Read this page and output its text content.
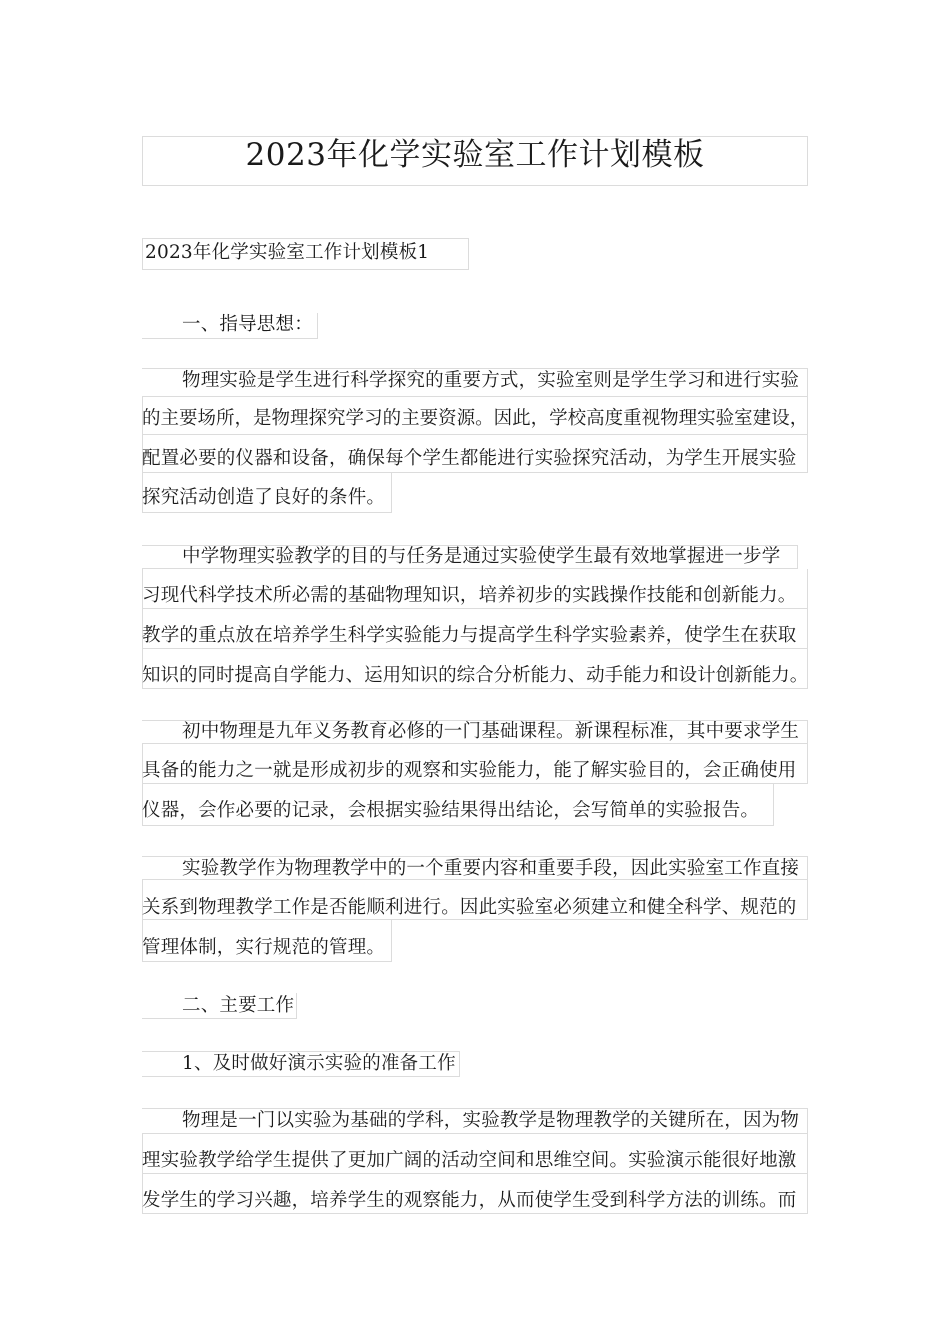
2023年化学实验室工作计划模板
2023年化学实验室工作计划模板1
一、指导思想：
物理实验是学生进行科学探究的重要方式，实验室则是学生学习和进行实验
的主要场所，是物理探究学习的主要资源。因此，学校高度重视物理实验室建设，
配置必要的仪器和设备，确保每个学生都能进行实验探究活动，为学生开展实验
探究活动创造了良好的条件。
中学物理实验教学的目的与任务是通过实验使学生最有效地掌握进一步学
习现代科学技术所必需的基础物理知识，培养初步的实践操作技能和创新能力。
教学的重点放在培养学生科学实验能力与提高学生科学实验素养，使学生在获取
知识的同时提高自学能力、运用知识的综合分析能力、动手能力和设计创新能力。
初中物理是九年义务教育必修的一门基础课程。新课程标准，其中要求学生
具备的能力之一就是形成初步的观察和实验能力，能了解实验目的，会正确使用
仪器，会作必要的记录，会根据实验结果得出结论，会写简单的实验报告。
实验教学作为物理教学中的一个重要内容和重要手段，因此实验室工作直接
关系到物理教学工作是否能顺利进行。因此实验室必须建立和健全科学、规范的
管理体制，实行规范的管理。
二、主要工作
1、及时做好演示实验的准备工作
物理是一门以实验为基础的学科，实验教学是物理教学的关键所在，因为物
理实验教学给学生提供了更加广阔的活动空间和思维空间。实验演示能很好地激
发学生的学习兴趣，培养学生的观察能力，从而使学生受到科学方法的训练。而
